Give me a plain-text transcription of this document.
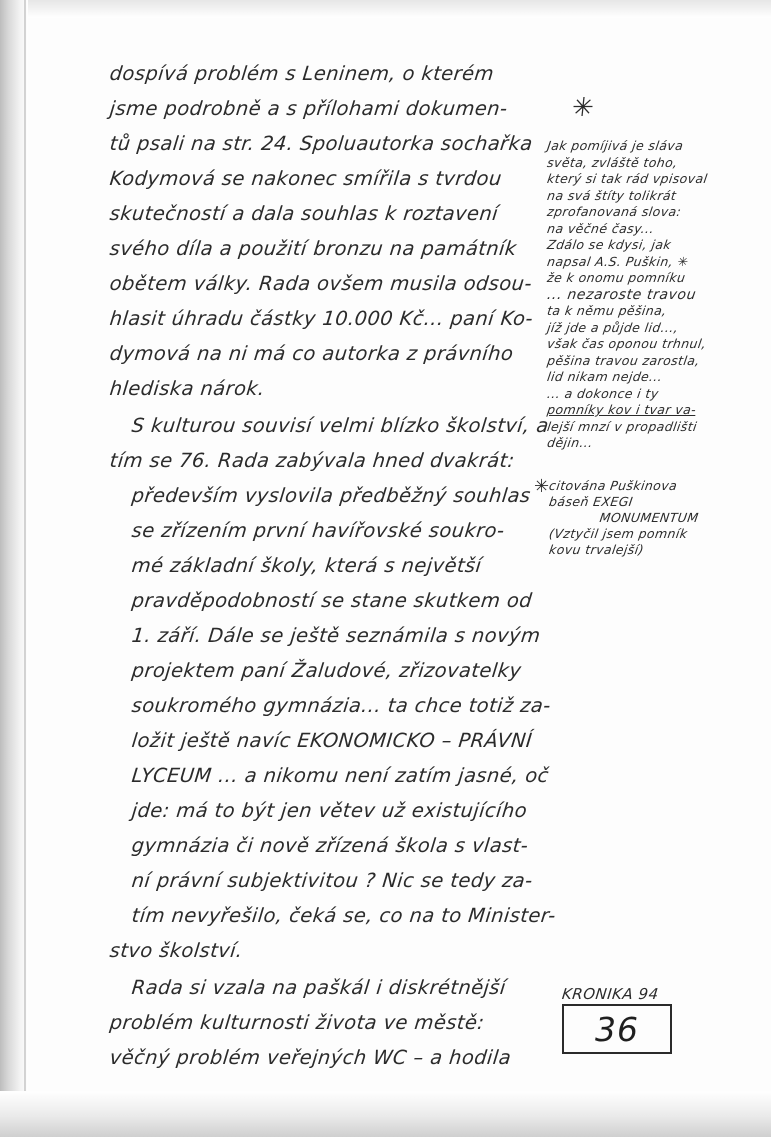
dospívá problém s Leninem, o kterém
jsme podrobně a s přílohami dokumen-
tů psali na str. 24. Spoluautorka sochařka
Kodymová se nakonec smířila s tvrdou
skutečností a dala souhlas k roztavení
svého díla a použití bronzu na památník
obětem války. Rada ovšem musila odsou-
hlasit úhradu částky 10.000 Kč... paní Ko-
dymová na ni má co autorka z právního
hlediska nárok.
S kulturou souvisí velmi blízko školství, a
tím se 76. Rada zabývala hned dvakrát:
především vyslovila předběžný souhlas
se zřízením první havířovské soukro-
mé základní školy, která s největší
pravděpodobností se stane skutkem od
1. září. Dále se ještě seznámila s novým
projektem paní Žaludové, zřizovatelky
soukromého gymnázia... ta chce totiž za-
ložit ještě navíc EKONOMICKO – PRÁVNÍ
LYCEUM ... a nikomu není zatím jasné, oč
jde: má to být jen větev už existujícího
gymnázia či nově zřízená škola s vlast-
ní právní subjektivitou ? Nic se tedy za-
tím nevyřešilo, čeká se, co na to Minister-
stvo školství.
Rada si vzala na paškál i diskrétnější
problém kulturnosti života ve městě:
věčný problém veřejných WC – a hodila
✳
Jak pomíjivá je sláva
světa, zvláště toho,
který si tak rád vpisoval
na svá štíty tolikrát
zprofanovaná slova:
na věčné časy...
Zdálo se kdysi, jak
napsal A.S. Puškin, ✳
že k onomu pomníku
... nezaroste travou
ta k němu pěšina,
jíž jde a půjde lid...,
však čas oponou trhnul,
pěšina travou zarostla,
lid nikam nejde...
... a dokonce i ty
pomníky kov i tvar va-
lejší mnzí v propadlišti
dějin...
✳
citována Puškinova
báseň EXEGI
MONUMENTUM
(Vztyčil jsem pomník
kovu trvalejší)
KRONIKA 94
36
